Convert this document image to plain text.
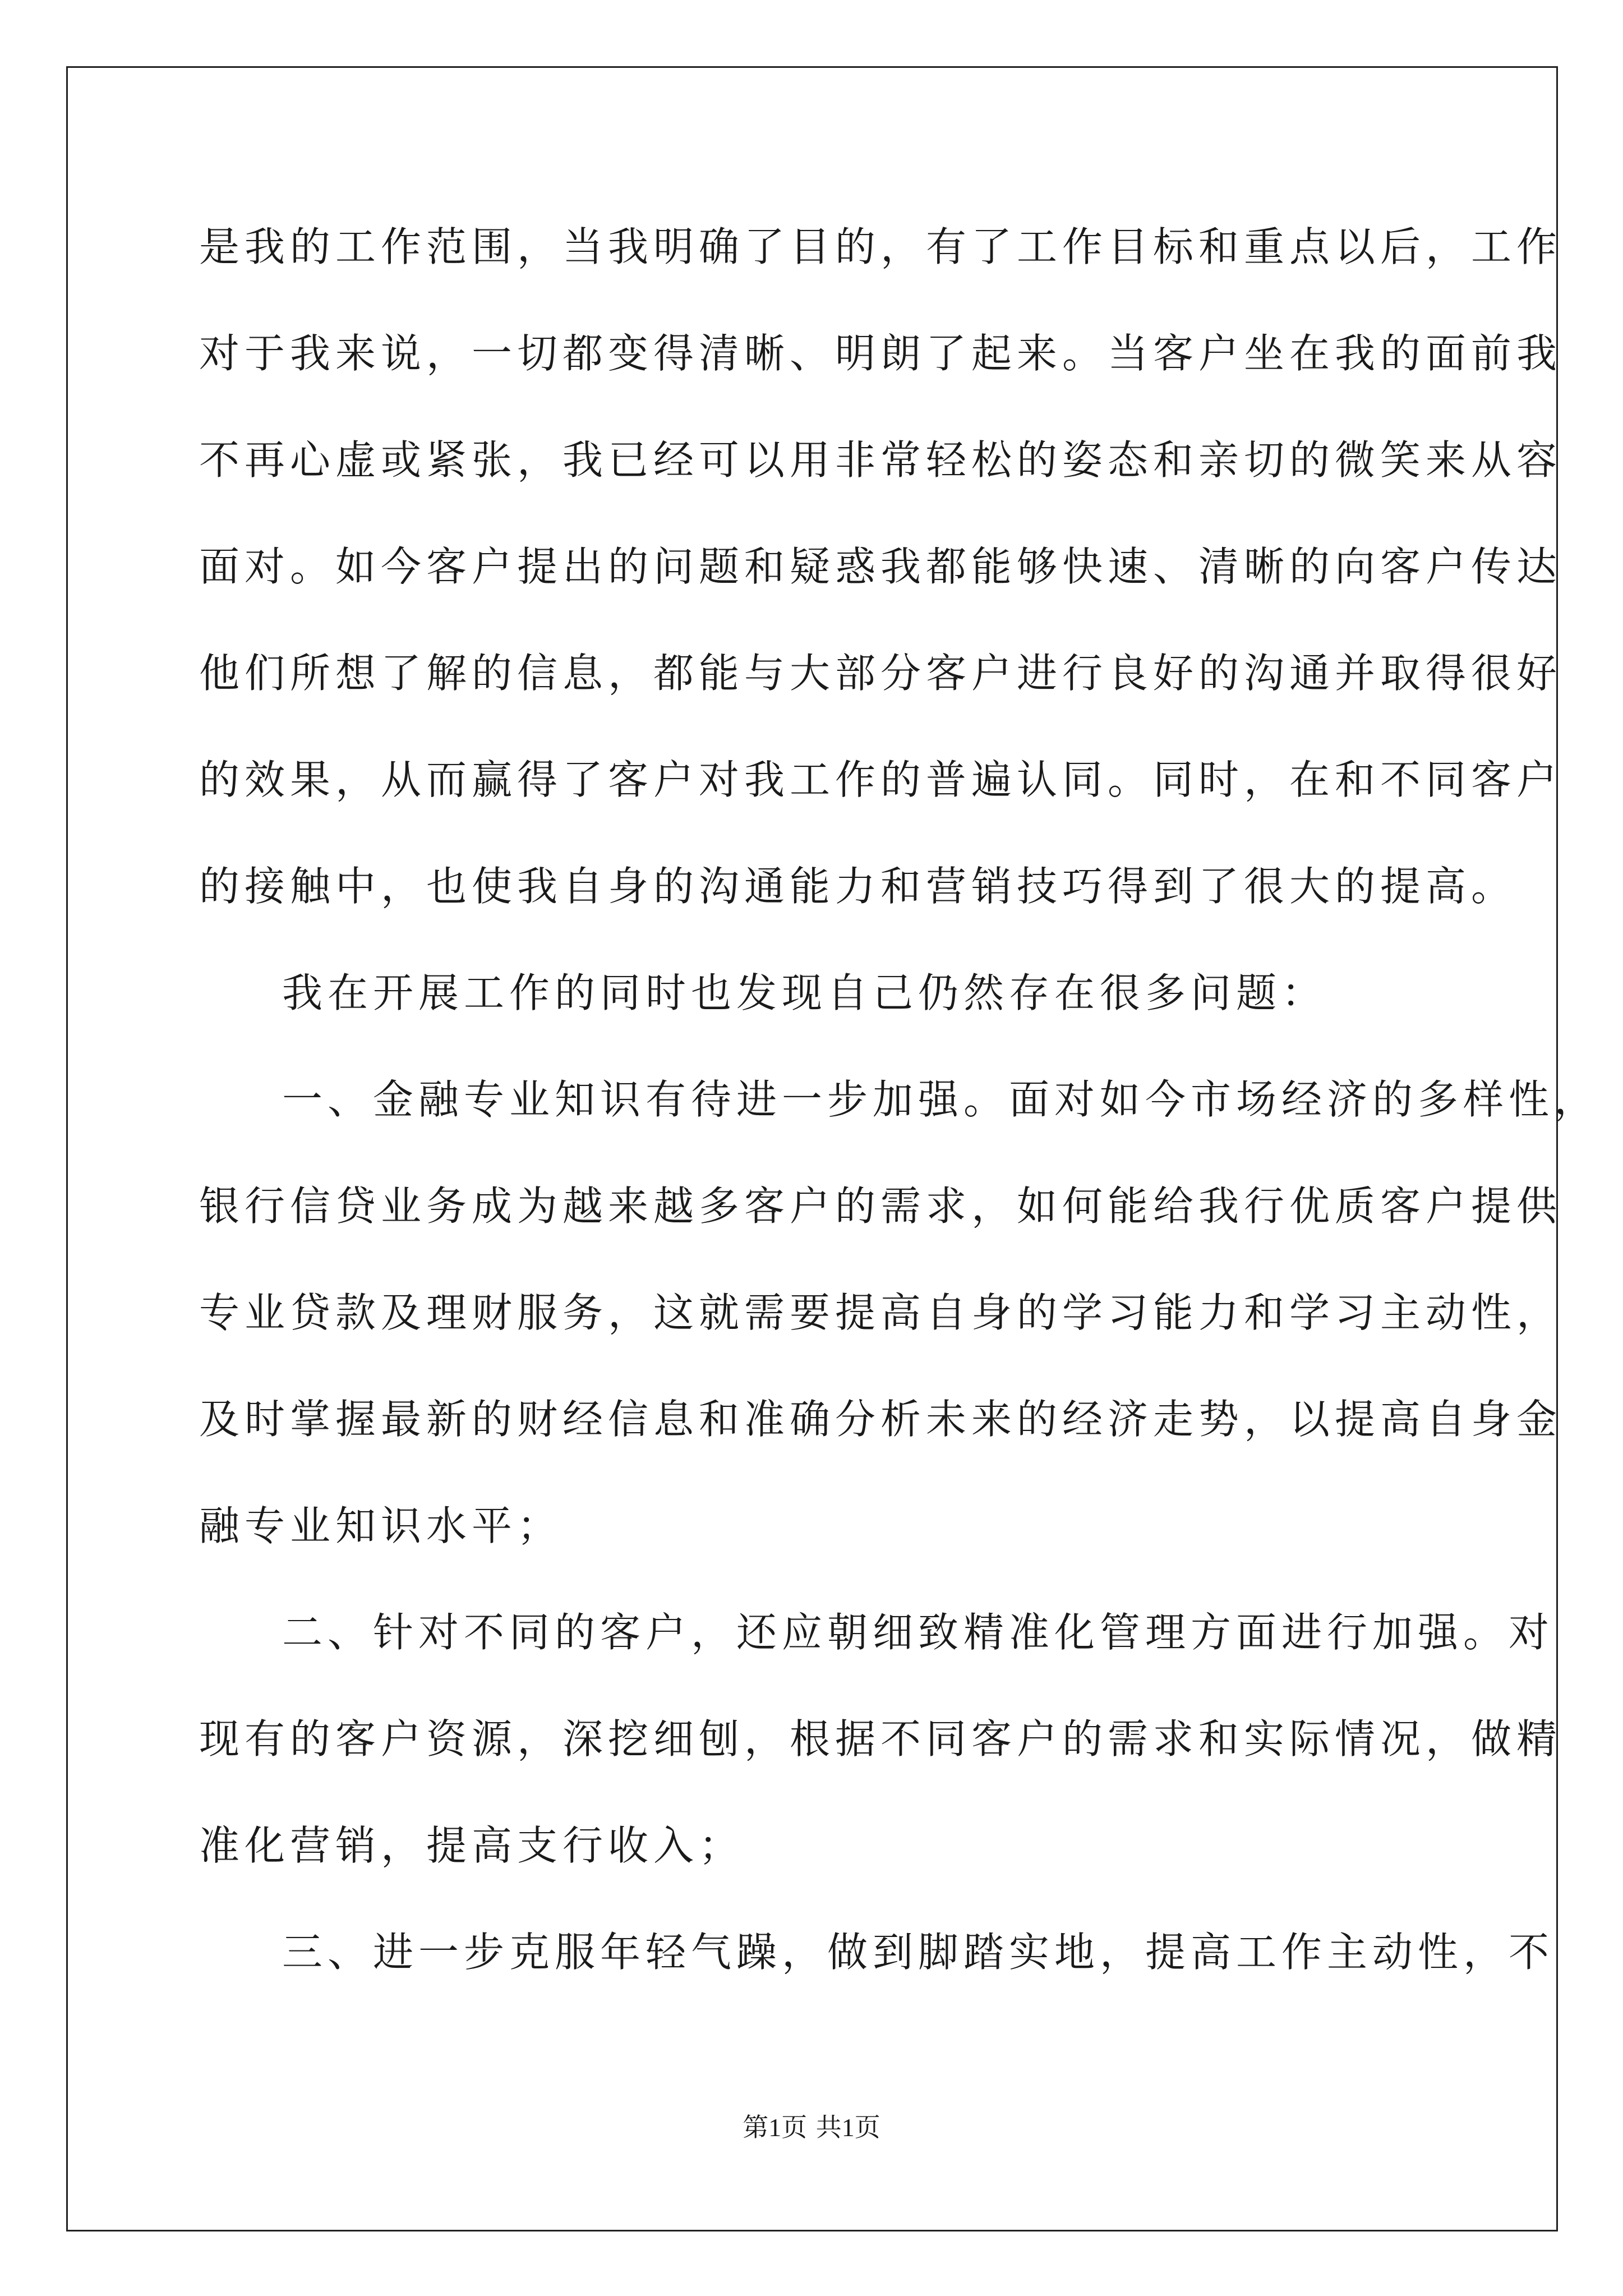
是我的工作范围，当我明确了目的，有了工作目标和重点以后，工作
对于我来说，一切都变得清晰、明朗了起来。当客户坐在我的面前我
不再心虚或紧张，我已经可以用非常轻松的姿态和亲切的微笑来从容
面对。如今客户提出的问题和疑惑我都能够快速、清晰的向客户传达
他们所想了解的信息，都能与大部分客户进行良好的沟通并取得很好
的效果，从而赢得了客户对我工作的普遍认同。同时，在和不同客户
的接触中，也使我自身的沟通能力和营销技巧得到了很大的提高。
我在开展工作的同时也发现自己仍然存在很多问题：
一、金融专业知识有待进一步加强。面对如今市场经济的多样性，
银行信贷业务成为越来越多客户的需求，如何能给我行优质客户提供
专业贷款及理财服务，这就需要提高自身的学习能力和学习主动性，
及时掌握最新的财经信息和准确分析未来的经济走势，以提高自身金
融专业知识水平；
二、针对不同的客户，还应朝细致精准化管理方面进行加强。对
现有的客户资源，深挖细刨，根据不同客户的需求和实际情况，做精
准化营销，提高支行收入；
三、进一步克服年轻气躁，做到脚踏实地，提高工作主动性，不
第1页 共1页
